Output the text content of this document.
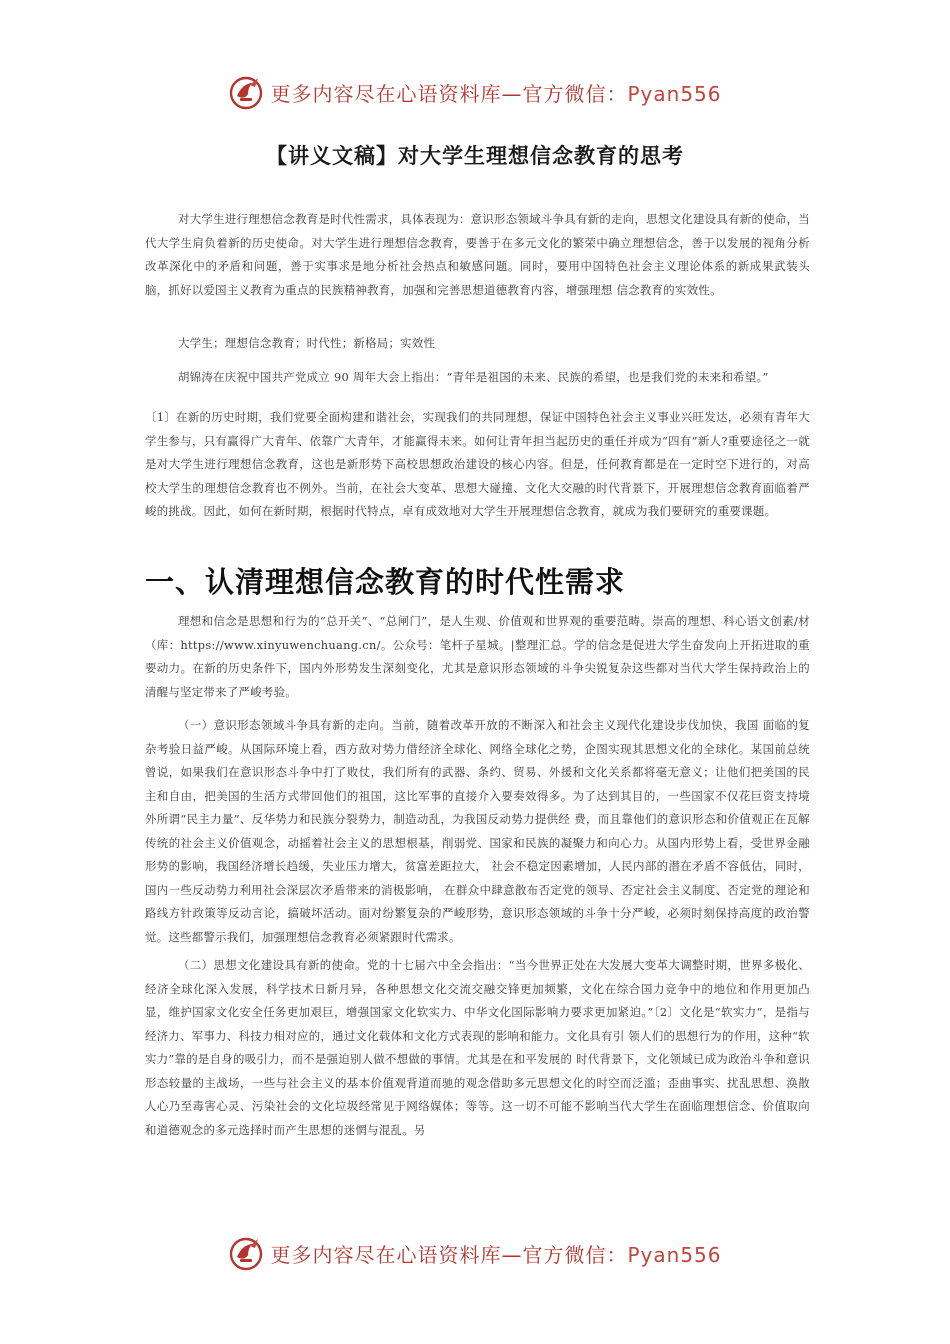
更多内容尽在心语资料库—官方微信：Pyan556
【讲义文稿】对大学生理想信念教育的思考

对大学生进行理想信念教育是时代性需求，具体表现为：意识形态领域斗争具有新的走向，思想文化建设具有新的使命，当代大学生肩负着新的历史使命。对大学生进行理想信念教育，要善于在多元文化的繁荣中确立理想信念，善于以发展的视角分析改革深化中的矛盾和问题，善于实事求是地分析社会热点和敏感问题。同时，要用中国特色社会主义理论体系的新成果武装头脑，抓好以爱国主义教育为重点的民族精神教育，加强和完善思想道德教育内容，增强理想 信念教育的实效性。

大学生；理想信念教育；时代性；新格局；实效性

胡锦涛在庆祝中国共产党成立 90 周年大会上指出：“青年是祖国的未来、民族的希望，也是我们党的未来和希望。”

〔1〕在新的历史时期，我们党要全面构建和谐社会，实现我们的共同理想，保证中国特色社会主义事业兴旺发达，必须有青年大学生参与，只有赢得广大青年、依靠广大青年，才能赢得未来。如何让青年担当起历史的重任并成为“四有”新人?重要途径之一就是对大学生进行理想信念教育，这也是新形势下高校思想政治建设的核心内容。但是，任何教育都是在一定时空下进行的，对高校大学生的理想信念教育也不例外。当前，在社会大变革、思想大碰撞、文化大交融的时代背景下，开展理想信念教育面临着严峻的挑战。因此，如何在新时期，根据时代特点，卓有成效地对大学生开展理想信念教育，就成为我们要研究的重要课题。

一、认清理想信念教育的时代性需求

理想和信念是思想和行为的“总开关”、“总闸门”，是人生观、价值观和世界观的重要范畴。崇高的理想、科心语文创素/材（库：https://www.xinyuwenchuang.cn/。公众号：笔杆子星城。|整理汇总。学的信念是促进大学生奋发向上开拓进取的重要动力。在新的历史条件下，国内外形势发生深刻变化，尤其是意识形态领域的斗争尖锐复杂这些都对当代大学生保持政治上的清醒与坚定带来了严峻考验。

（一）意识形态领域斗争具有新的走向。当前，随着改革开放的不断深入和社会主义现代化建设步伐加快，我国 面临的复杂考验日益严峻。从国际环境上看，西方敌对势力借经济全球化、网络全球化之势，企图实现其思想文化的全球化。某国前总统曾说，如果我们在意识形态斗争中打了败仗，我们所有的武器、条约、贸易、外援和文化关系都将毫无意义；让他们把美国的民主和自由，把美国的生活方式带回他们的祖国，这比军事的直接介入要奏效得多。为了达到其目的，一些国家不仅花巨资支持境外所谓“民主力量”、反华势力和民族分裂势力，制造动乱，为我国反动势力提供经 费，而且靠他们的意识形态和价值观正在瓦解传统的社会主义价值观念，动摇着社会主义的思想根基，削弱党、国家和民族的凝聚力和向心力。从国内形势上看，受世界金融形势的影响，我国经济增长趋缓，失业压力增大，贫富差距拉大， 社会不稳定因素增加，人民内部的潜在矛盾不容低估，同时，国内一些反动势力利用社会深层次矛盾带来的消极影响， 在群众中肆意散布否定党的领导、否定社会主义制度、否定党的理论和路线方针政策等反动言论，搞破坏活动。面对纷繁复杂的严峻形势，意识形态领域的斗争十分严峻，必须时刻保持高度的政治警觉。这些都警示我们，加强理想信念教育必须紧跟时代需求。

（二）思想文化建设具有新的使命。党的十七届六中全会指出：“当今世界正处在大发展大变革大调整时期，世界多极化、经济全球化深入发展，科学技术日新月异，各种思想文化交流交融交锋更加频繁，文化在综合国力竞争中的地位和作用更加凸显，维护国家文化安全任务更加艰巨，增强国家文化软实力、中华文化国际影响力要求更加紧迫。”〔2〕文化是“软实力”，是指与经济力、军事力、科技力相对应的，通过文化载体和文化方式表现的影响和能力。文化具有引 领人们的思想行为的作用，这种“软实力”靠的是自身的吸引力，而不是强迫别人做不想做的事情。尤其是在和平发展的 时代背景下，文化领域已成为政治斗争和意识形态较量的主战场，一些与社会主义的基本价值观背道而驰的观念借助多元思想文化的时空而泛滥；歪曲事实、扰乱思想、涣散人心乃至毒害心灵、污染社会的文化垃圾经常见于网络媒体；等等。这一切不可能不影响当代大学生在面临理想信念、价值取向和道德观念的多元选择时而产生思想的迷惘与混乱。另

更多内容尽在心语资料库—官方微信：Pyan556
